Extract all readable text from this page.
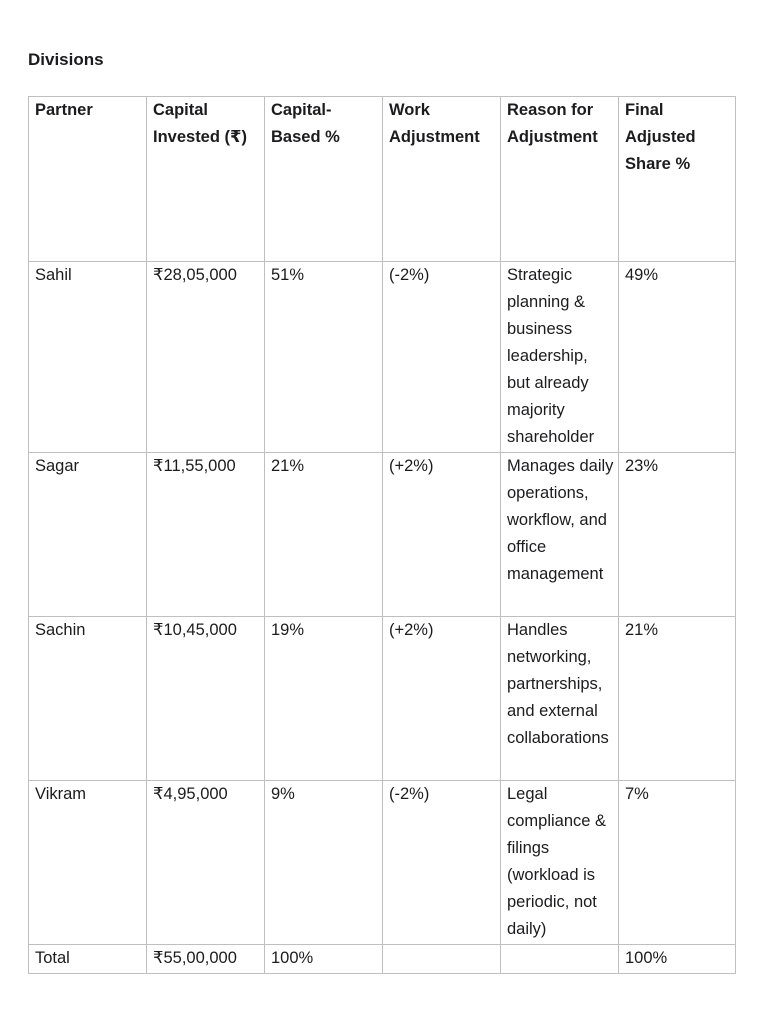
Divisions
Partner	Capital Invested (₹)	Capital-Based %	Work Adjustment	Reason for Adjustment	Final Adjusted Share %
Sahil	₹28,05,000	51%	(-2%)	Strategic planning & business leadership, but already majority shareholder	49%
Sagar	₹11,55,000	21%	(+2%)	Manages daily operations, workflow, and office management	23%
Sachin	₹10,45,000	19%	(+2%)	Handles networking, partnerships, and external collaborations	21%
Vikram	₹4,95,000	9%	(-2%)	Legal compliance & filings (workload is periodic, not daily)	7%
Total	₹55,00,000	100%			100%
